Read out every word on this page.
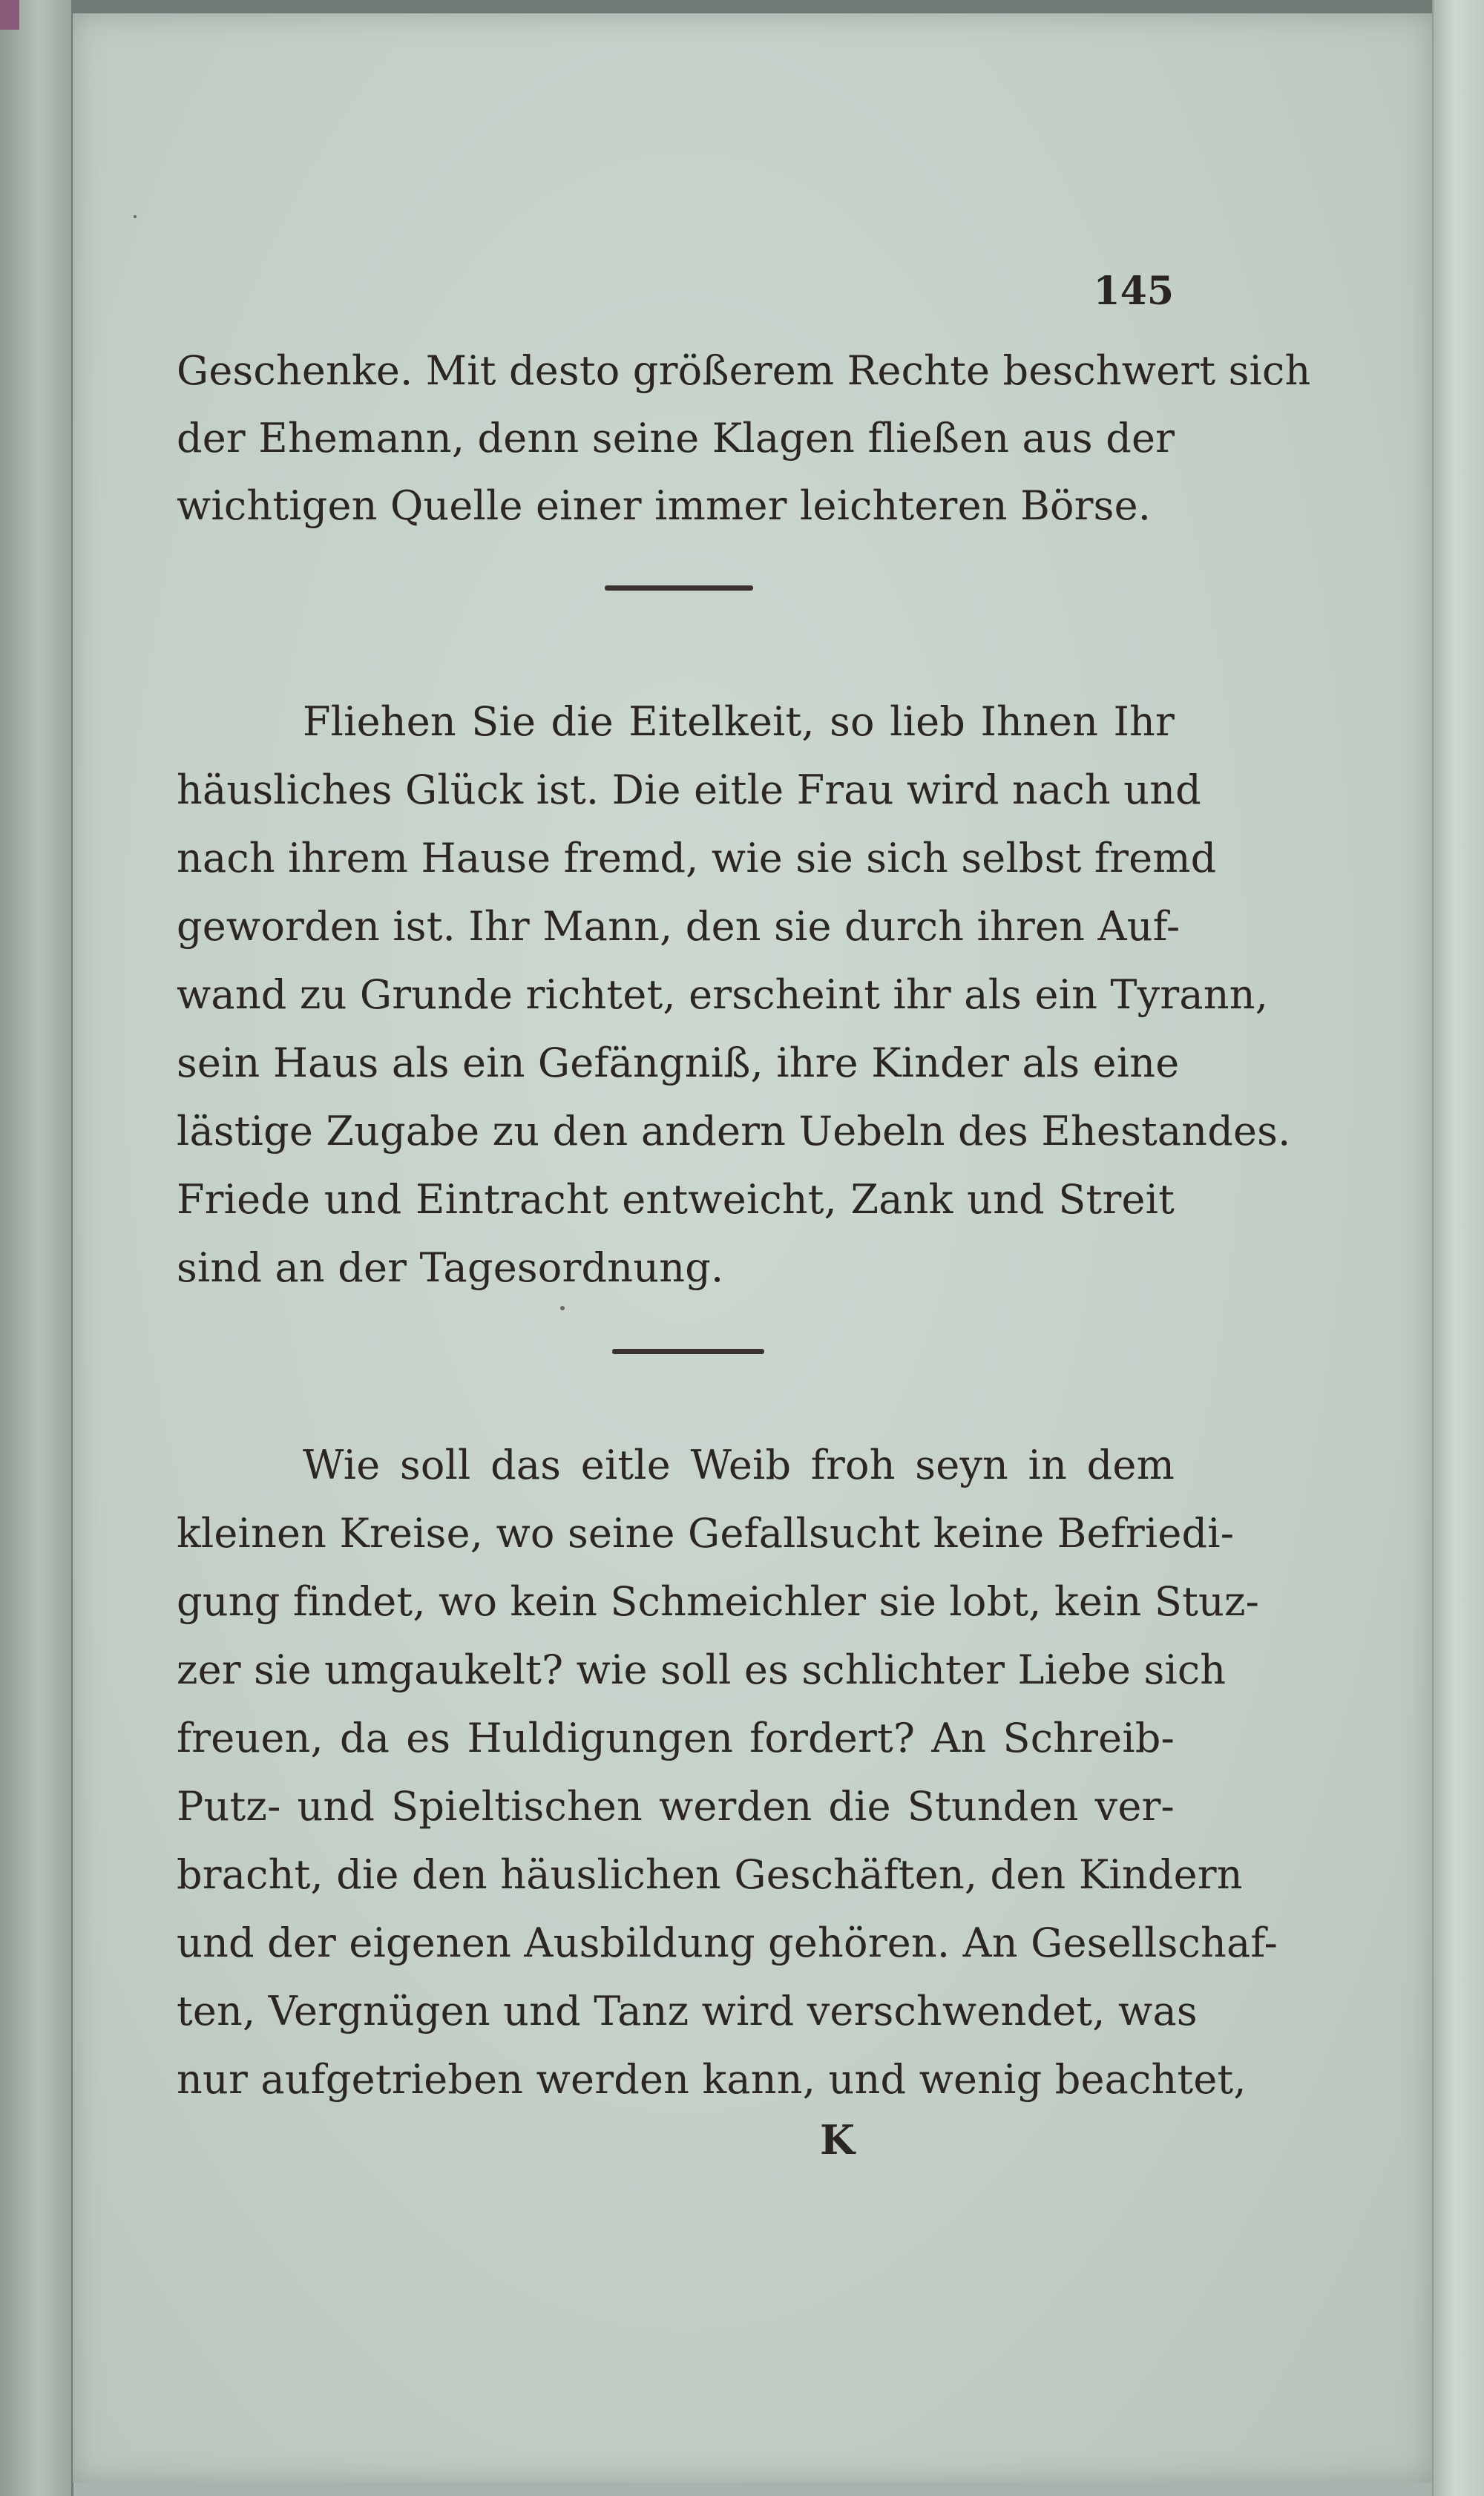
145
Geschenke. Mit desto größerem Rechte beschwert sich
der Ehemann, denn seine Klagen fließen aus der
wichtigen Quelle einer immer leichteren Börse.
Fliehen Sie die Eitelkeit, so lieb Ihnen Ihr
häusliches Glück ist. Die eitle Frau wird nach und
nach ihrem Hause fremd, wie sie sich selbst fremd
geworden ist. Ihr Mann, den sie durch ihren Auf-
wand zu Grunde richtet, erscheint ihr als ein Tyrann,
sein Haus als ein Gefängniß, ihre Kinder als eine
lästige Zugabe zu den andern Uebeln des Ehestandes.
Friede und Eintracht entweicht, Zank und Streit
sind an der Tagesordnung.
Wie soll das eitle Weib froh seyn in dem
kleinen Kreise, wo seine Gefallsucht keine Befriedi-
gung findet, wo kein Schmeichler sie lobt, kein Stuz-
zer sie umgaukelt? wie soll es schlichter Liebe sich
freuen, da es Huldigungen fordert? An Schreib-
Putz- und Spieltischen werden die Stunden ver-
bracht, die den häuslichen Geschäften, den Kindern
und der eigenen Ausbildung gehören. An Gesellschaf-
ten, Vergnügen und Tanz wird verschwendet, was
nur aufgetrieben werden kann, und wenig beachtet,
K
